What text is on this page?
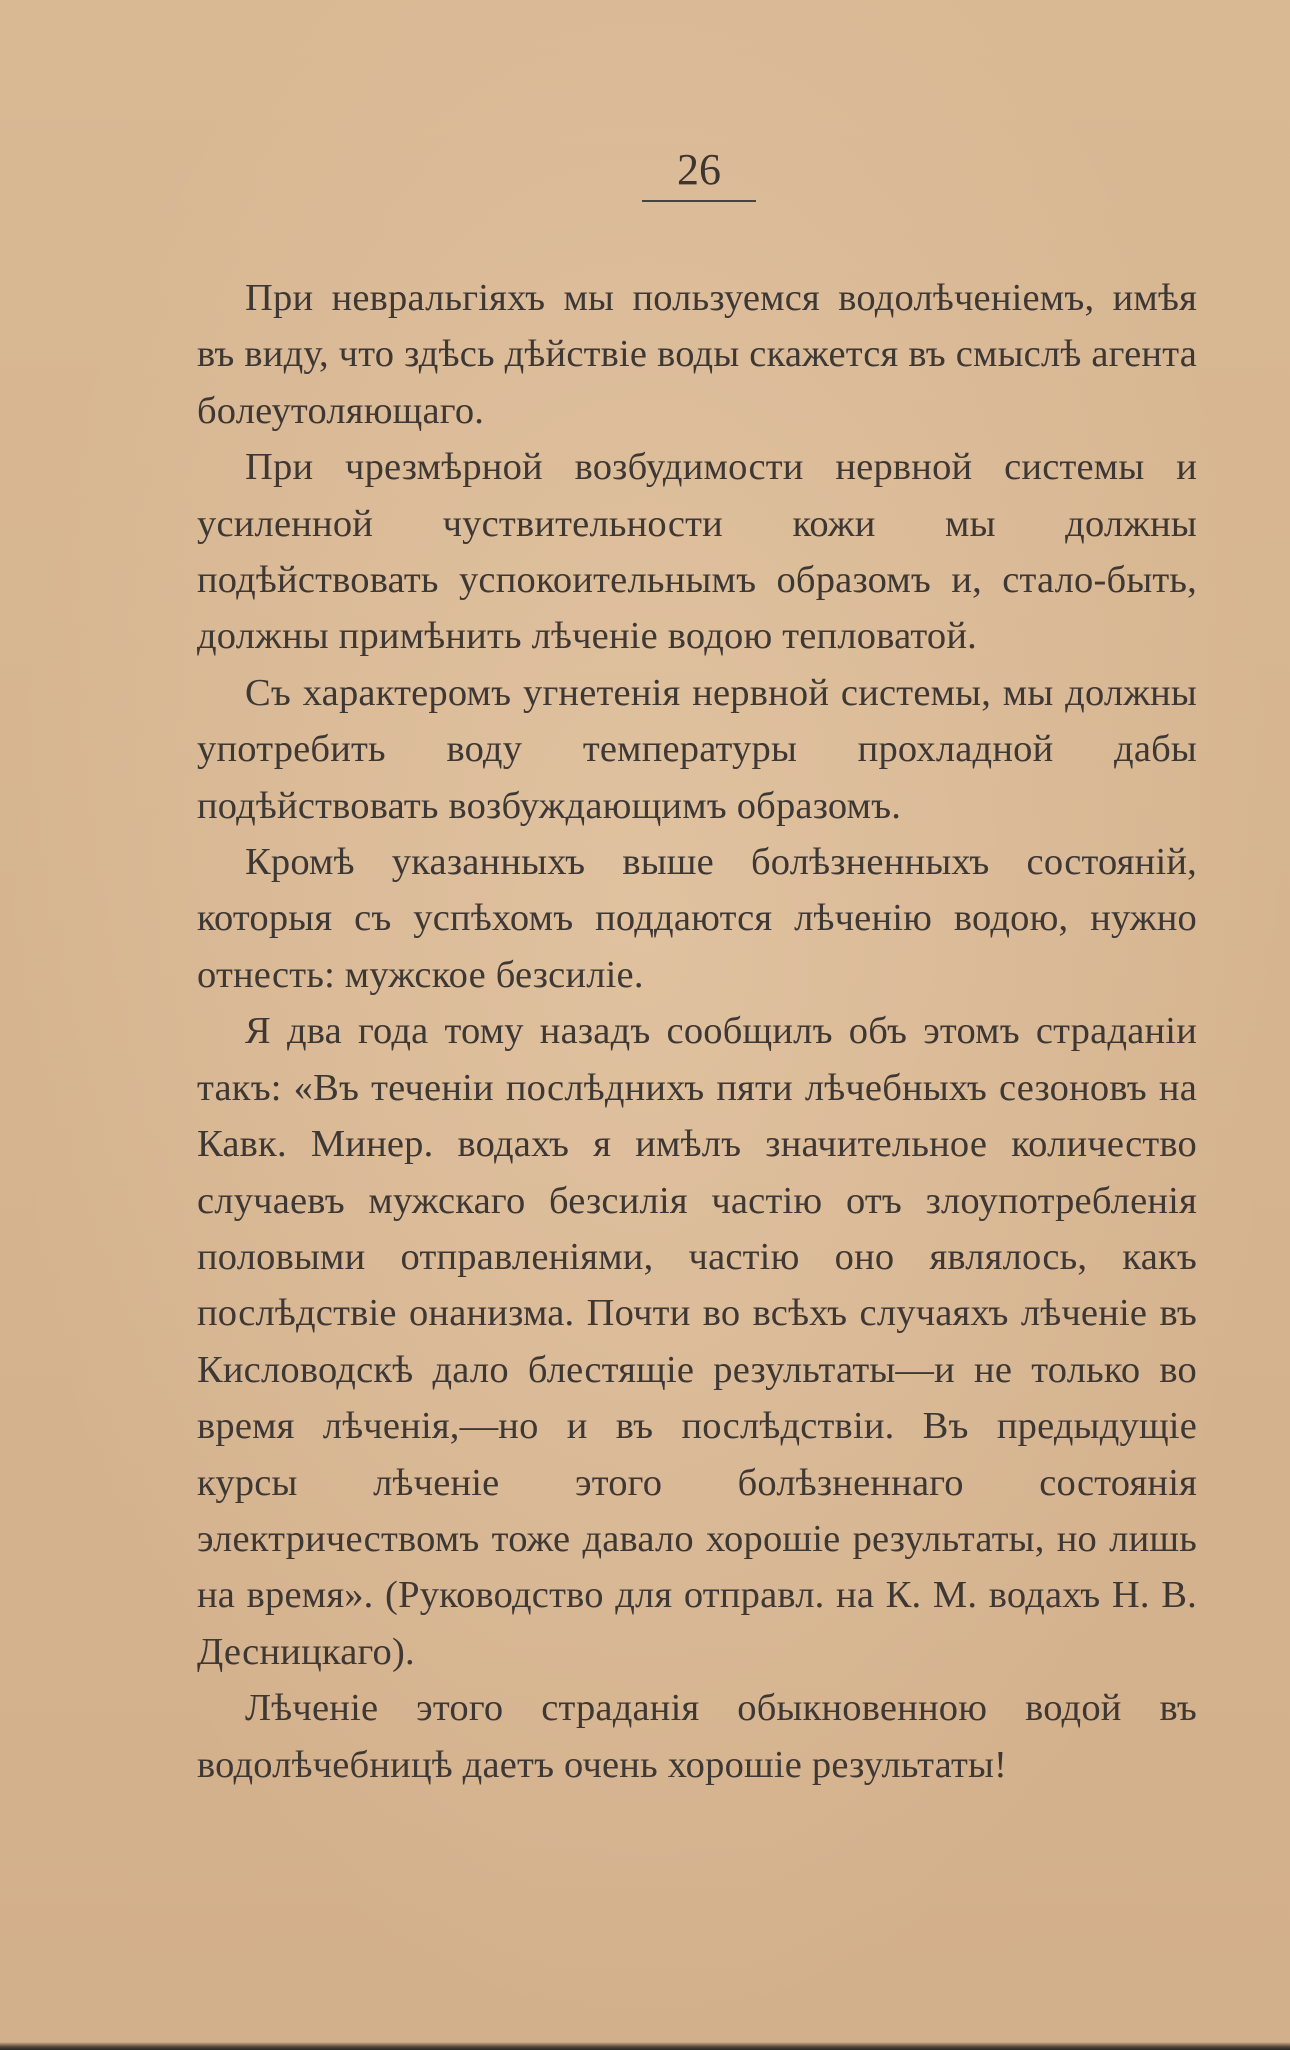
26

При невральгіяхъ мы пользуемся водолѣченіемъ, имѣя въ виду, что здѣсь дѣйствіе воды скажется въ смыслѣ агента болеутоляющаго.

При чрезмѣрной возбудимости нервной системы и усиленной чуствительности кожи мы должны подѣйствовать успокоительнымъ образомъ и, стало-быть, должны примѣнить лѣченіе водою тепловатой.

Съ характеромъ угнетенія нервной системы, мы должны употребить воду температуры прохладной дабы подѣйствовать возбуждающимъ образомъ.

Кромѣ указанныхъ выше болѣзненныхъ состояній, которыя съ успѣхомъ поддаются лѣченію водою, нужно отнесть: мужское безсиліе.

Я два года тому назадъ сообщилъ объ этомъ страданіи такъ: «Въ теченіи послѣднихъ пяти лѣчебныхъ сезоновъ на Кавк. Минер. водахъ я имѣлъ значительное количество случаевъ мужскаго безсилія частію отъ злоупотребленія половыми отправленіями, частію оно являлось, какъ послѣдствіе онанизма. Почти во всѣхъ случаяхъ лѣченіе въ Кисловодскѣ дало блестящіе результаты—и не только во время лѣченія,—но и въ послѣдствіи. Въ предыдущіе курсы лѣченіе этого болѣзненнаго состоянія электричествомъ тоже давало хорошіе результаты, но лишь на время». (Руководство для отправл. на К. М. водахъ Н. В. Десницкаго).

Лѣченіе этого страданія обыкновенною водой въ водолѣчебницѣ даетъ очень хорошіе результаты!
